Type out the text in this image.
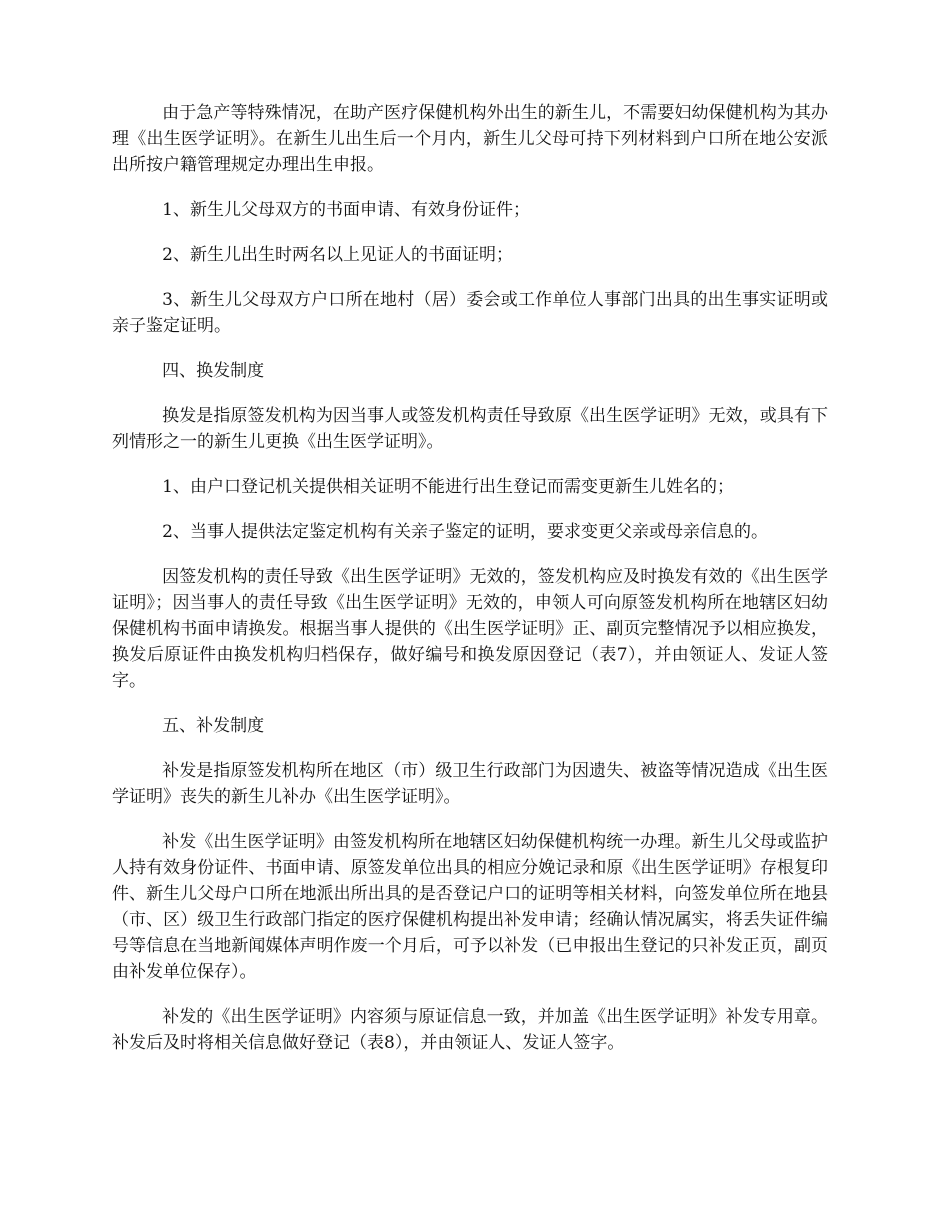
由于急产等特殊情况，在助产医疗保健机构外出生的新生儿，不需要妇幼保健机构为其办理《出生医学证明》。在新生儿出生后一个月内，新生儿父母可持下列材料到户口所在地公安派出所按户籍管理规定办理出生申报。

1、新生儿父母双方的书面申请、有效身份证件；

2、新生儿出生时两名以上见证人的书面证明；

3、新生儿父母双方户口所在地村（居）委会或工作单位人事部门出具的出生事实证明或亲子鉴定证明。

四、换发制度

换发是指原签发机构为因当事人或签发机构责任导致原《出生医学证明》无效，或具有下列情形之一的新生儿更换《出生医学证明》。

1、由户口登记机关提供相关证明不能进行出生登记而需变更新生儿姓名的；

2、当事人提供法定鉴定机构有关亲子鉴定的证明，要求变更父亲或母亲信息的。

因签发机构的责任导致《出生医学证明》无效的，签发机构应及时换发有效的《出生医学证明》；因当事人的责任导致《出生医学证明》无效的，申领人可向原签发机构所在地辖区妇幼保健机构书面申请换发。根据当事人提供的《出生医学证明》正、副页完整情况予以相应换发，换发后原证件由换发机构归档保存，做好编号和换发原因登记（表7），并由领证人、发证人签字。

五、补发制度

补发是指原签发机构所在地区（市）级卫生行政部门为因遗失、被盗等情况造成《出生医学证明》丧失的新生儿补办《出生医学证明》。

补发《出生医学证明》由签发机构所在地辖区妇幼保健机构统一办理。新生儿父母或监护人持有效身份证件、书面申请、原签发单位出具的相应分娩记录和原《出生医学证明》存根复印件、新生儿父母户口所在地派出所出具的是否登记户口的证明等相关材料，向签发单位所在地县（市、区）级卫生行政部门指定的医疗保健机构提出补发申请；经确认情况属实，将丢失证件编号等信息在当地新闻媒体声明作废一个月后，可予以补发（已申报出生登记的只补发正页，副页由补发单位保存）。

补发的《出生医学证明》内容须与原证信息一致，并加盖《出生医学证明》补发专用章。补发后及时将相关信息做好登记（表8），并由领证人、发证人签字。
